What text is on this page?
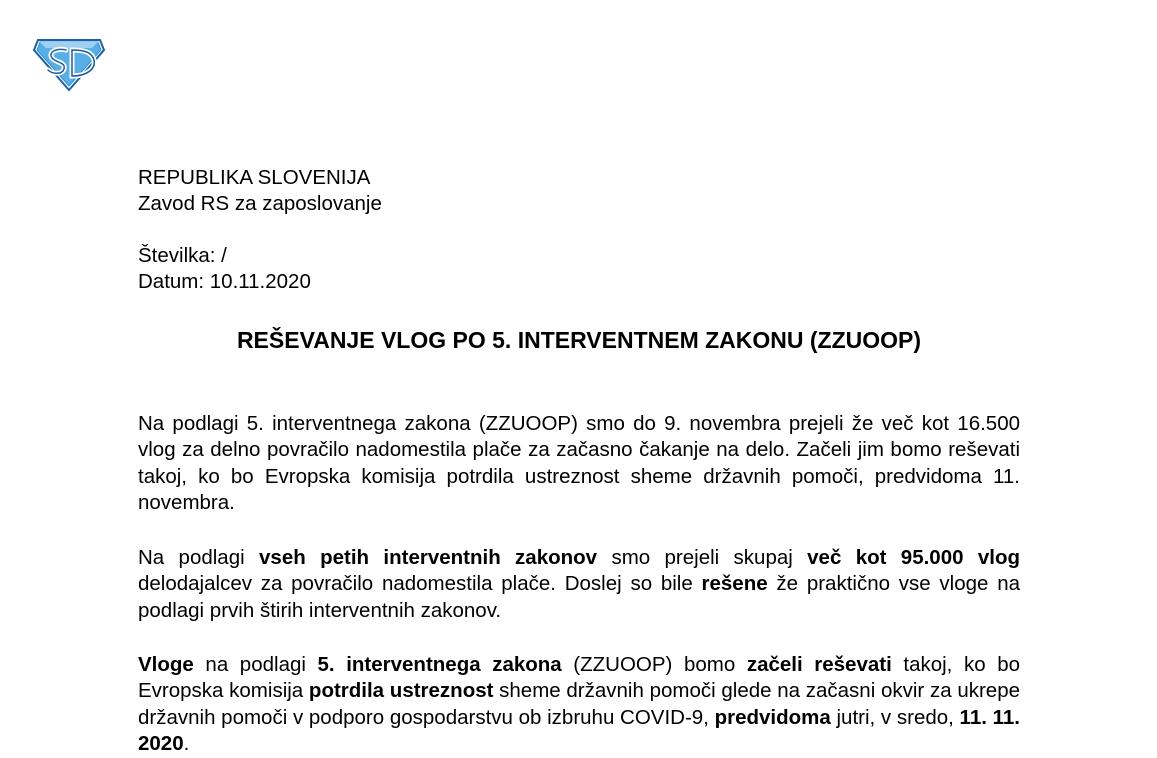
REPUBLIKA SLOVENIJA
Zavod RS za zaposlovanje
Številka: /
Datum: 10.11.2020
REŠEVANJE VLOG PO 5. INTERVENTNEM ZAKONU (ZZUOOP)

Na podlagi 5. interventnega zakona (ZZUOOP) smo do 9. novembra prejeli že več kot 16.500 vlog za delno povračilo nadomestila plače za začasno čakanje na delo. Začeli jim bomo reševati takoj, ko bo Evropska komisija potrdila ustreznost sheme državnih pomoči, predvidoma 11. novembra.

Na podlagi vseh petih interventnih zakonov smo prejeli skupaj več kot 95.000 vlog delodajalcev za povračilo nadomestila plače. Doslej so bile rešene že praktično vse vloge na podlagi prvih štirih interventnih zakonov.

Vloge na podlagi 5. interventnega zakona (ZZUOOP) bomo začeli reševati takoj, ko bo Evropska komisija potrdila ustreznost sheme državnih pomoči glede na začasni okvir za ukrepe državnih pomoči v podporo gospodarstvu ob izbruhu COVID-9, predvidoma jutri, v sredo, 11. 11. 2020.
